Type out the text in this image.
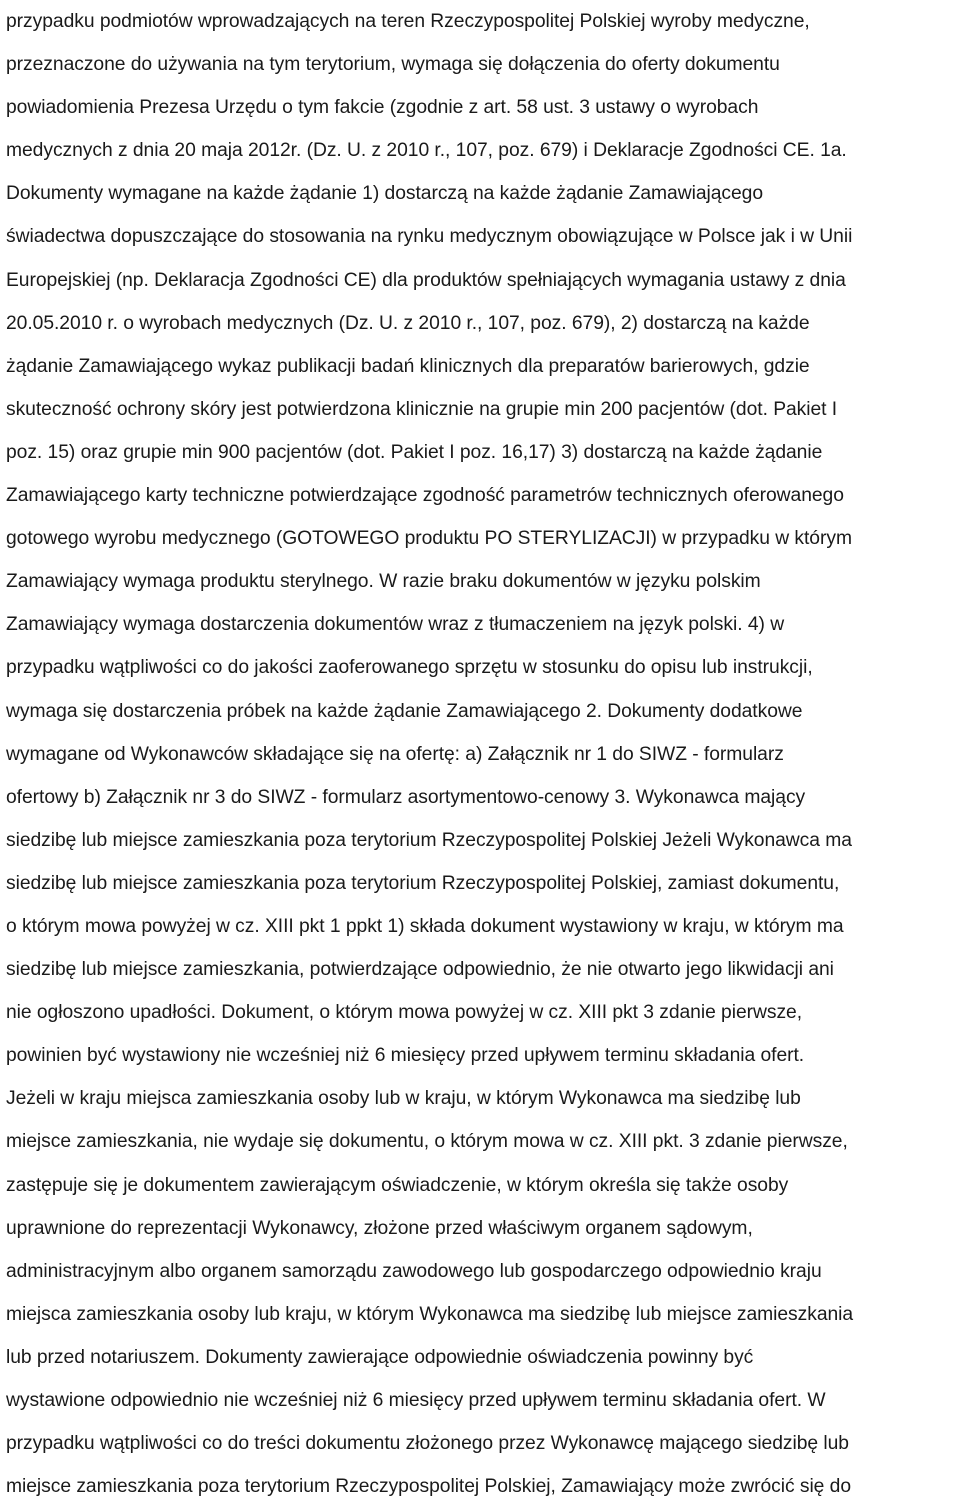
przypadku podmiotów wprowadzających na teren Rzeczypospolitej Polskiej wyroby medyczne,
przeznaczone do używania na tym terytorium, wymaga się dołączenia do oferty dokumentu
powiadomienia Prezesa Urzędu o tym fakcie (zgodnie z art. 58 ust. 3 ustawy o wyrobach
medycznych z dnia 20 maja 2012r. (Dz. U. z 2010 r., 107, poz. 679) i Deklaracje Zgodności CE. 1a.
Dokumenty wymagane na każde żądanie 1) dostarczą na każde żądanie Zamawiającego
świadectwa dopuszczające do stosowania na rynku medycznym obowiązujące w Polsce jak i w Unii
Europejskiej (np. Deklaracja Zgodności CE) dla produktów spełniających wymagania ustawy z dnia
20.05.2010 r. o wyrobach medycznych (Dz. U. z 2010 r., 107, poz. 679), 2) dostarczą na każde
żądanie Zamawiającego wykaz publikacji badań klinicznych dla preparatów barierowych, gdzie
skuteczność ochrony skóry jest potwierdzona klinicznie na grupie min 200 pacjentów (dot. Pakiet I
poz. 15) oraz grupie min 900 pacjentów (dot. Pakiet I poz. 16,17) 3) dostarczą na każde żądanie
Zamawiającego karty techniczne potwierdzające zgodność parametrów technicznych oferowanego
gotowego wyrobu medycznego (GOTOWEGO produktu PO STERYLIZACJI) w przypadku w którym
Zamawiający wymaga produktu sterylnego. W razie braku dokumentów w języku polskim
Zamawiający wymaga dostarczenia dokumentów wraz z tłumaczeniem na język polski. 4) w
przypadku wątpliwości co do jakości zaoferowanego sprzętu w stosunku do opisu lub instrukcji,
wymaga się dostarczenia próbek na każde żądanie Zamawiającego 2. Dokumenty dodatkowe
wymagane od Wykonawców składające się na ofertę: a) Załącznik nr 1 do SIWZ - formularz
ofertowy b) Załącznik nr 3 do SIWZ - formularz asortymentowo-cenowy 3. Wykonawca mający
siedzibę lub miejsce zamieszkania poza terytorium Rzeczypospolitej Polskiej Jeżeli Wykonawca ma
siedzibę lub miejsce zamieszkania poza terytorium Rzeczypospolitej Polskiej, zamiast dokumentu,
o którym mowa powyżej w cz. XIII pkt 1 ppkt 1) składa dokument wystawiony w kraju, w którym ma
siedzibę lub miejsce zamieszkania, potwierdzające odpowiednio, że nie otwarto jego likwidacji ani
nie ogłoszono upadłości. Dokument, o którym mowa powyżej w cz. XIII pkt 3 zdanie pierwsze,
powinien być wystawiony nie wcześniej niż 6 miesięcy przed upływem terminu składania ofert.
Jeżeli w kraju miejsca zamieszkania osoby lub w kraju, w którym Wykonawca ma siedzibę lub
miejsce zamieszkania, nie wydaje się dokumentu, o którym mowa w cz. XIII pkt. 3 zdanie pierwsze,
zastępuje się je dokumentem zawierającym oświadczenie, w którym określa się także osoby
uprawnione do reprezentacji Wykonawcy, złożone przed właściwym organem sądowym,
administracyjnym albo organem samorządu zawodowego lub gospodarczego odpowiednio kraju
miejsca zamieszkania osoby lub kraju, w którym Wykonawca ma siedzibę lub miejsce zamieszkania
lub przed notariuszem. Dokumenty zawierające odpowiednie oświadczenia powinny być
wystawione odpowiednio nie wcześniej niż 6 miesięcy przed upływem terminu składania ofert. W
przypadku wątpliwości co do treści dokumentu złożonego przez Wykonawcę mającego siedzibę lub
miejsce zamieszkania poza terytorium Rzeczypospolitej Polskiej, Zamawiający może zwrócić się do
